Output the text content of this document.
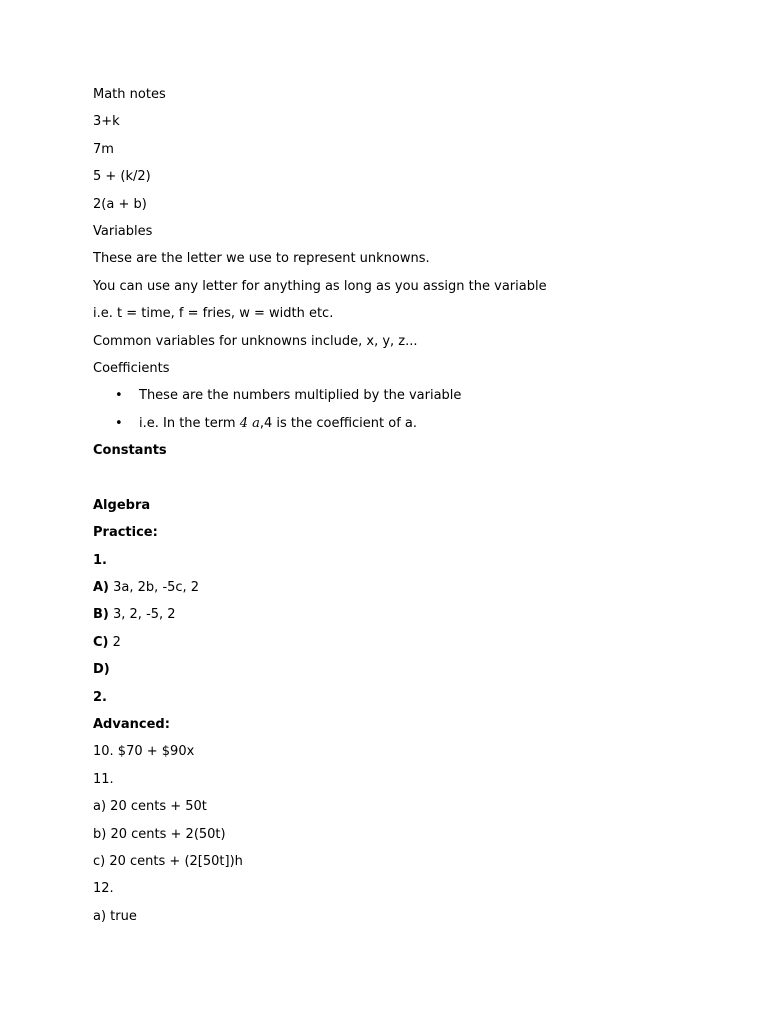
Math notes
3+k
7m
5 + (k/2)
2(a + b)
Variables
These are the letter we use to represent unknowns.
You can use any letter for anything as long as you assign the variable
i.e. t = time, f = fries, w = width etc.
Common variables for unknowns include, x, y, z...
Coefficients
• These are the numbers multiplied by the variable
• i.e. In the term 4 a,4 is the coefficient of a.
Constants
Algebra
Practice:
1.
A) 3a, 2b, -5c, 2
B) 3, 2, -5, 2
C) 2
D)
2.
Advanced:
10. $70 + $90x
11.
a) 20 cents + 50t
b) 20 cents + 2(50t)
c) 20 cents + (2[50t])h
12.
a) true
